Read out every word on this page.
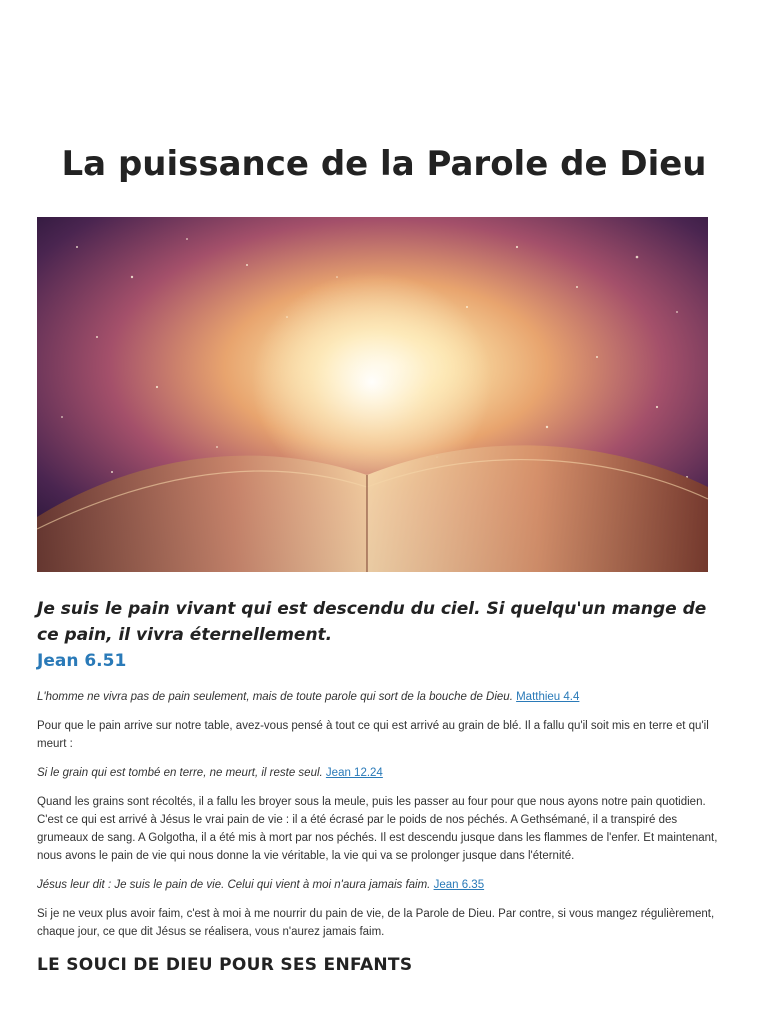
La puissance de la Parole de Dieu

Je suis le pain vivant qui est descendu du ciel. Si quelqu'un mange de ce pain, il vivra éternellement.

Jean 6.51

L'homme ne vivra pas de pain seulement, mais de toute parole qui sort de la bouche de Dieu. Matthieu 4.4

Pour que le pain arrive sur notre table, avez-vous pensé à tout ce qui est arrivé au grain de blé. Il a fallu qu'il soit mis en terre et qu'il meurt :

Si le grain qui est tombé en terre, ne meurt, il reste seul. Jean 12.24

Quand les grains sont récoltés, il a fallu les broyer sous la meule, puis les passer au four pour que nous ayons notre pain quotidien. C'est ce qui est arrivé à Jésus le vrai pain de vie : il a été écrasé par le poids de nos péchés. A Gethsémané, il a transpiré des grumeaux de sang. A Golgotha, il a été mis à mort par nos péchés. Il est descendu jusque dans les flammes de l'enfer. Et maintenant, nous avons le pain de vie qui nous donne la vie véritable, la vie qui va se prolonger jusque dans l'éternité.

Jésus leur dit : Je suis le pain de vie. Celui qui vient à moi n'aura jamais faim. Jean 6.35

Si je ne veux plus avoir faim, c'est à moi à me nourrir du pain de vie, de la Parole de Dieu. Par contre, si vous mangez régulièrement, chaque jour, ce que dit Jésus se réalisera, vous n'aurez jamais faim.

LE SOUCI DE DIEU POUR SES ENFANTS
